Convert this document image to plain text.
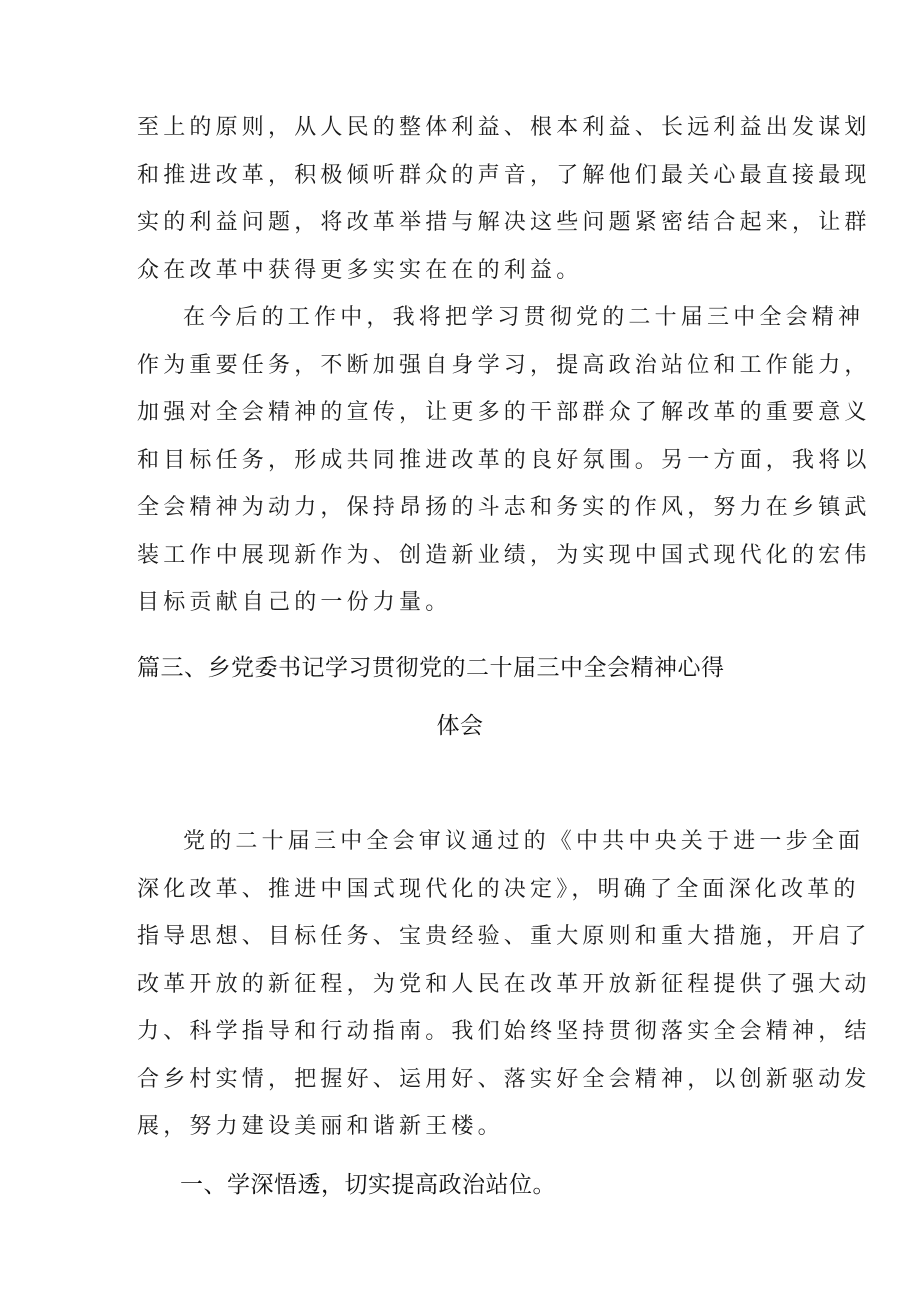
至上的原则，从人民的整体利益、根本利益、长远利益出发谋划
和推进改革，积极倾听群众的声音，了解他们最关心最直接最现
实的利益问题，将改革举措与解决这些问题紧密结合起来，让群
众在改革中获得更多实实在在的利益。
在今后的工作中，我将把学习贯彻党的二十届三中全会精神
作为重要任务，不断加强自身学习，提高政治站位和工作能力，
加强对全会精神的宣传，让更多的干部群众了解改革的重要意义
和目标任务，形成共同推进改革的良好氛围。另一方面，我将以
全会精神为动力，保持昂扬的斗志和务实的作风，努力在乡镇武
装工作中展现新作为、创造新业绩，为实现中国式现代化的宏伟
目标贡献自己的一份力量。
篇三、乡党委书记学习贯彻党的二十届三中全会精神心得
体会
党的二十届三中全会审议通过的《中共中央关于进一步全面
深化改革、推进中国式现代化的决定》，明确了全面深化改革的
指导思想、目标任务、宝贵经验、重大原则和重大措施，开启了
改革开放的新征程，为党和人民在改革开放新征程提供了强大动
力、科学指导和行动指南。我们始终坚持贯彻落实全会精神，结
合乡村实情，把握好、运用好、落实好全会精神，以创新驱动发
展，努力建设美丽和谐新王楼。
一、学深悟透，切实提高政治站位。
